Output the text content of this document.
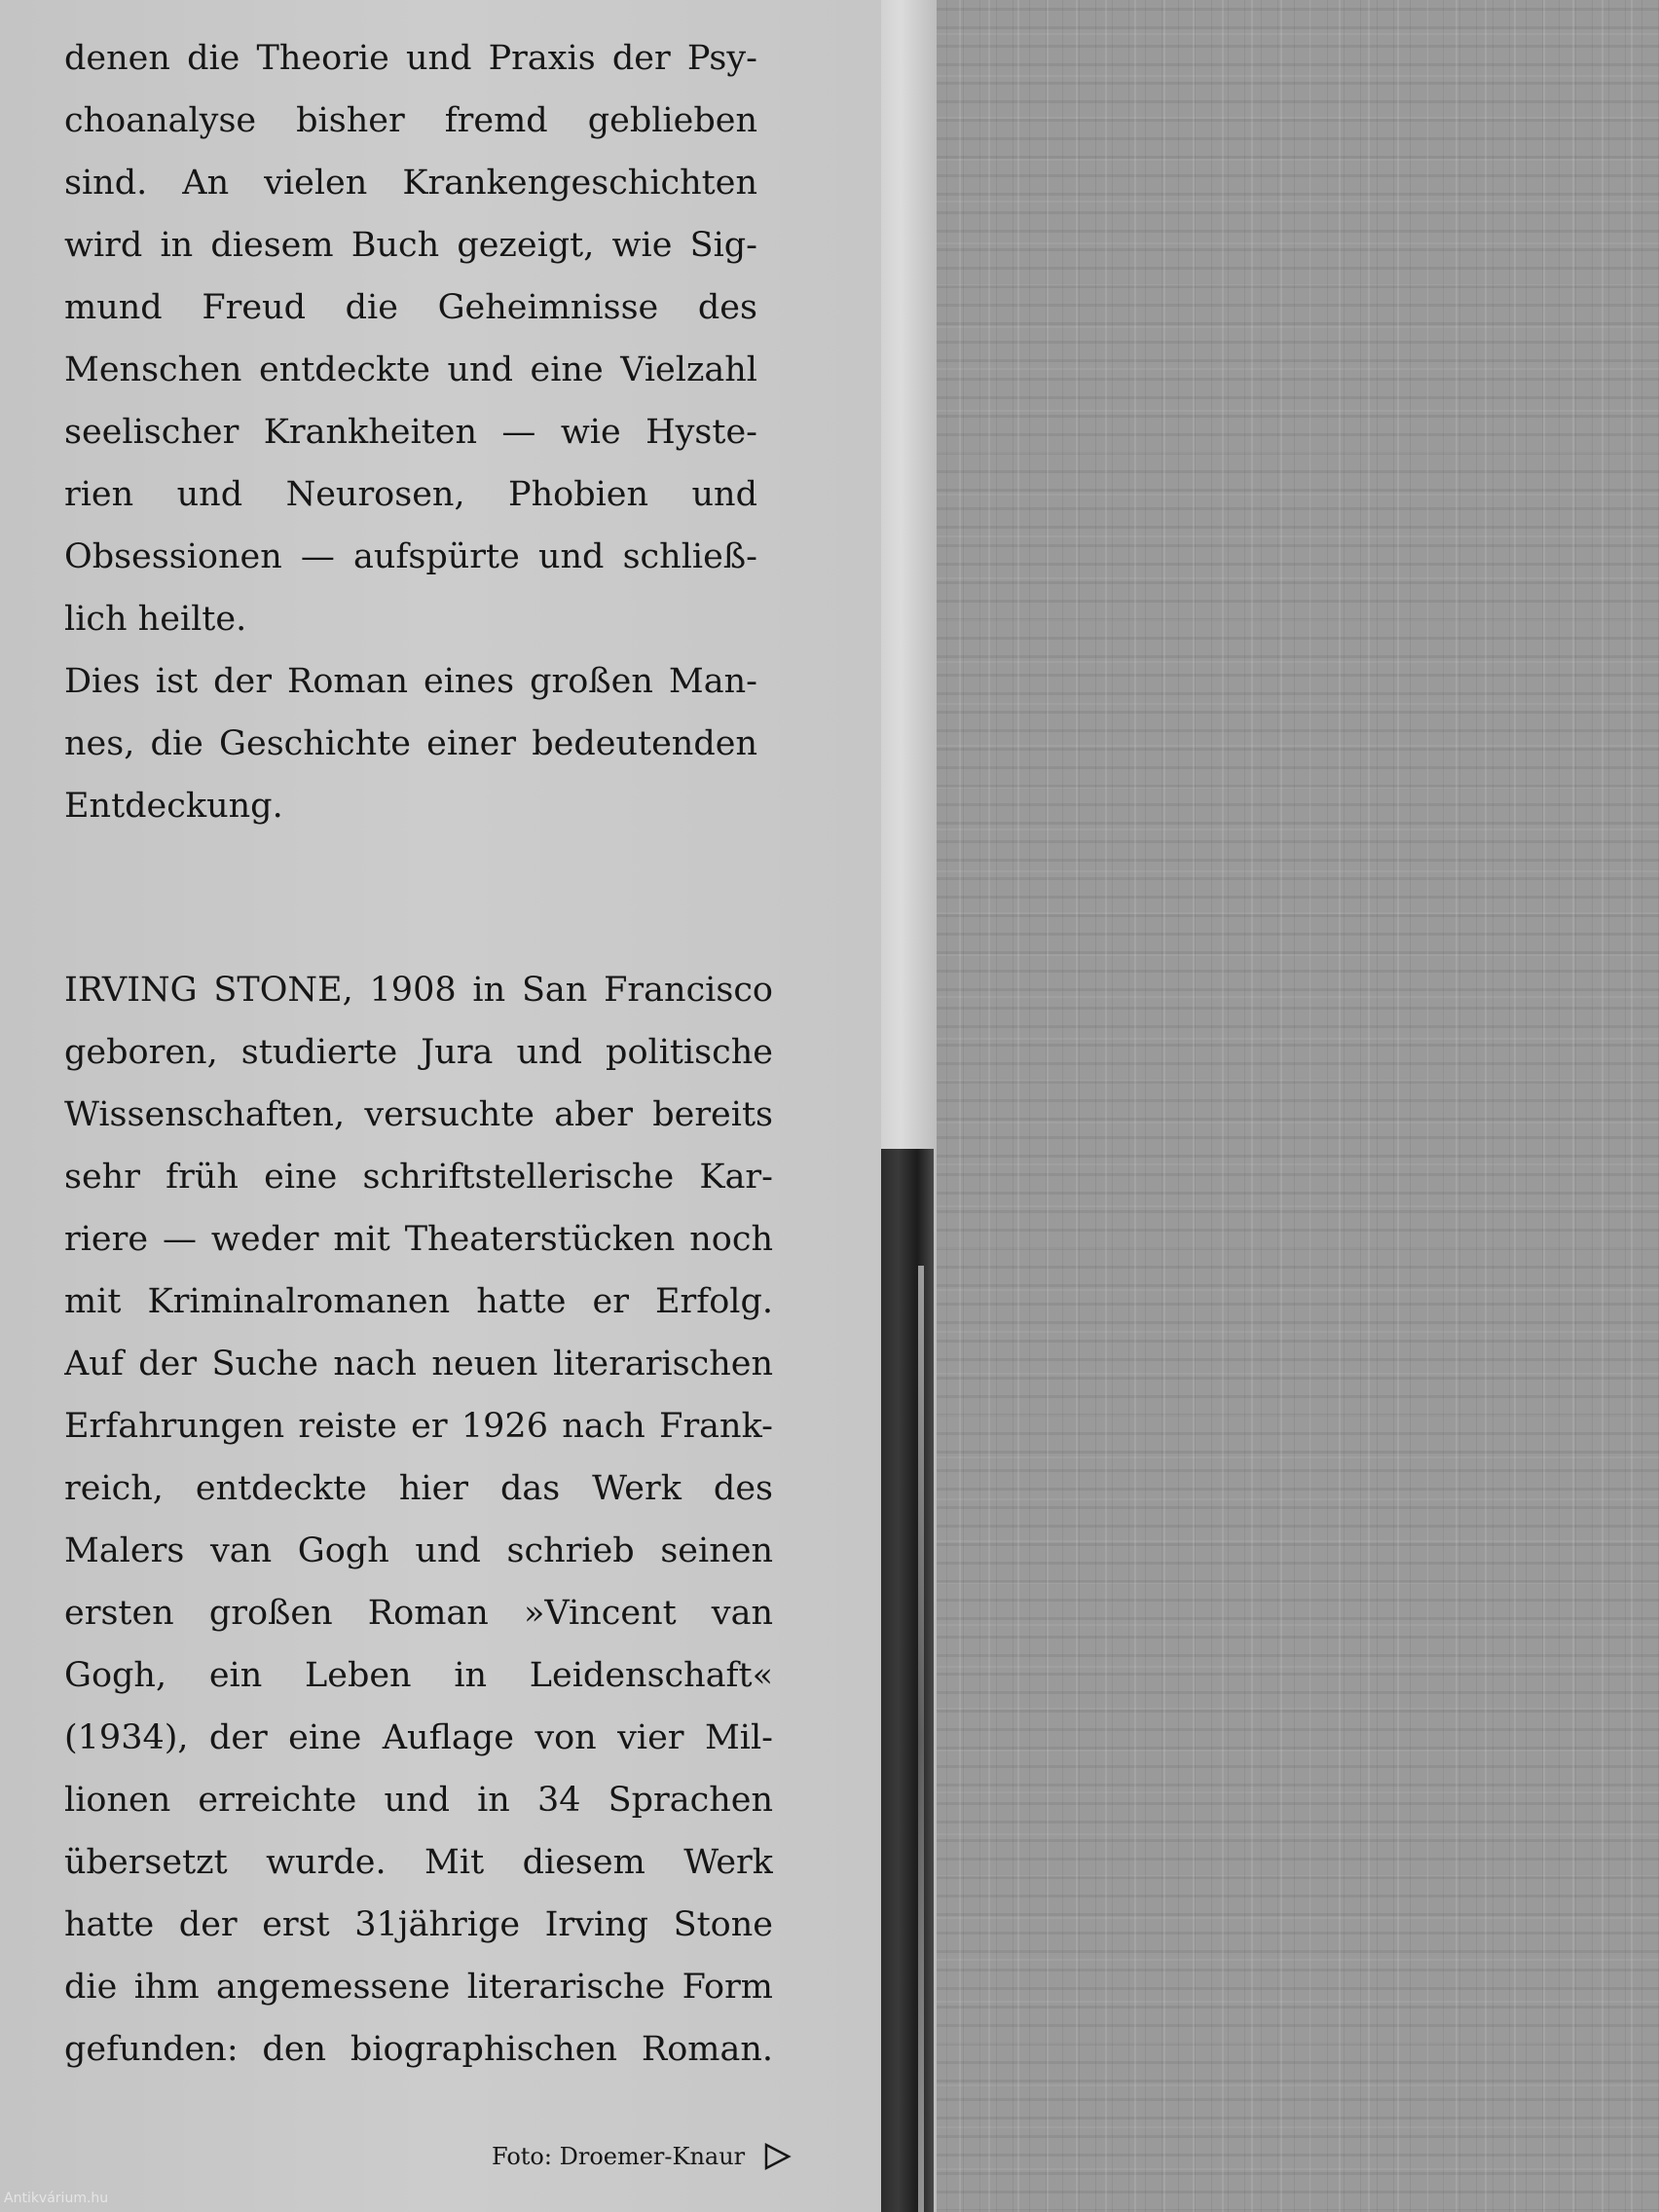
denen die Theorie und Praxis der Psy-
choanalyse bisher fremd geblieben
sind. An vielen Krankengeschichten
wird in diesem Buch gezeigt, wie Sig-
mund Freud die Geheimnisse des
Menschen entdeckte und eine Vielzahl
seelischer Krankheiten — wie Hyste-
rien und Neurosen, Phobien und
Obsessionen — aufspürte und schließ-
lich heilte.
Dies ist der Roman eines großen Man-
nes, die Geschichte einer bedeutenden
Entdeckung.
IRVING STONE, 1908 in San Francisco
geboren, studierte Jura und politische
Wissenschaften, versuchte aber bereits
sehr früh eine schriftstellerische Kar-
riere — weder mit Theaterstücken noch
mit Kriminalromanen hatte er Erfolg.
Auf der Suche nach neuen literarischen
Erfahrungen reiste er 1926 nach Frank-
reich, entdeckte hier das Werk des
Malers van Gogh und schrieb seinen
ersten großen Roman »Vincent van
Gogh, ein Leben in Leidenschaft«
(1934), der eine Auflage von vier Mil-
lionen erreichte und in 34 Sprachen
übersetzt wurde. Mit diesem Werk
hatte der erst 31jährige Irving Stone
die ihm angemessene literarische Form
gefunden: den biographischen Roman.
Foto: Droemer-Knaur
Antikvárium.hu
